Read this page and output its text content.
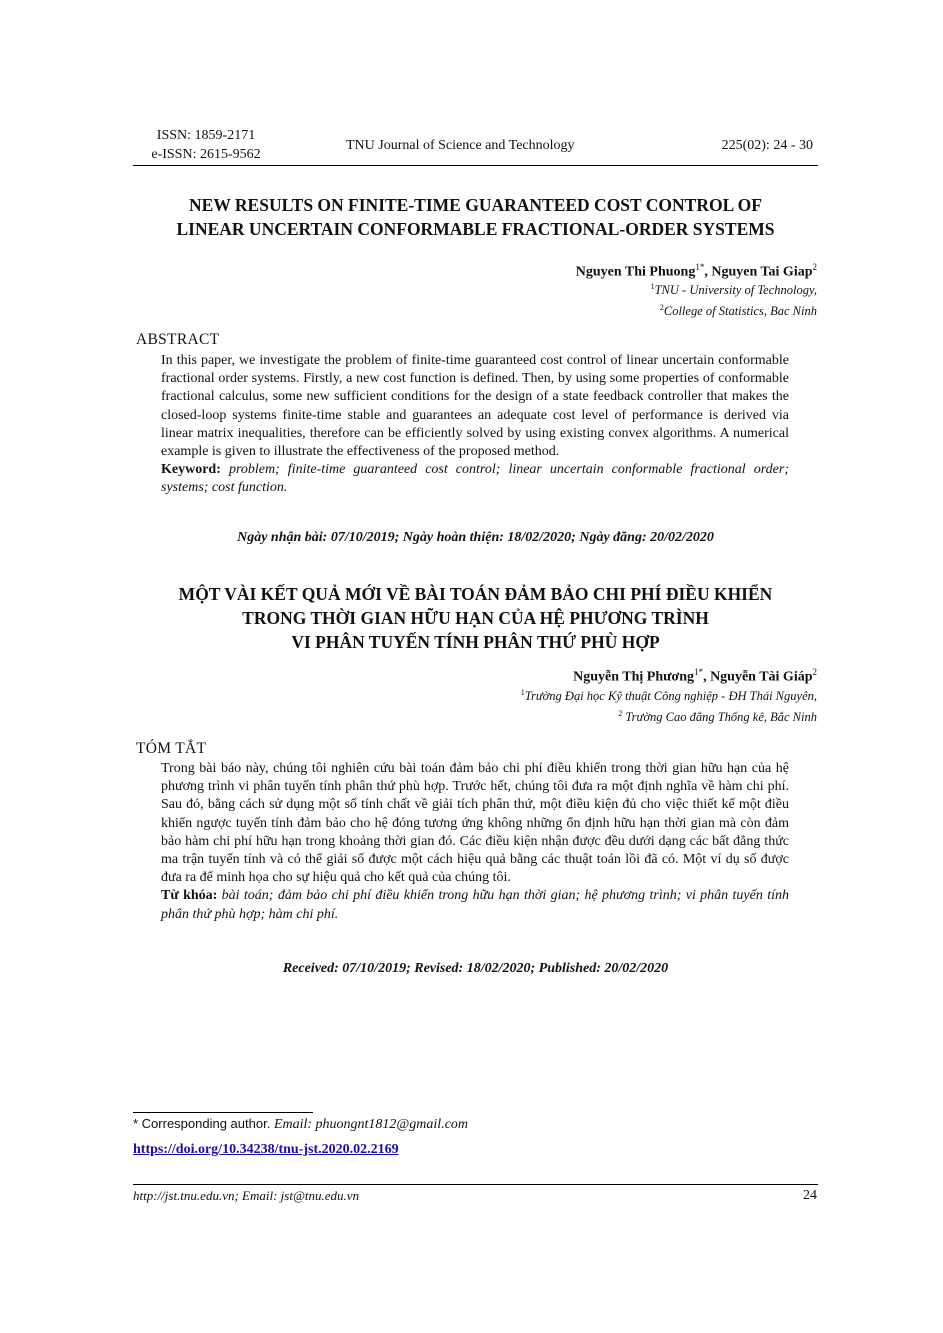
ISSN: 1859-2171
e-ISSN: 2615-9562
TNU Journal of Science and Technology	225(02): 24 - 30
NEW RESULTS ON FINITE-TIME GUARANTEED COST CONTROL OF
LINEAR UNCERTAIN CONFORMABLE FRACTIONAL-ORDER SYSTEMS
Nguyen Thi Phuong$^{1*}$, Nguyen Tai Giap$^2$
$^1$TNU - University of Technology,
$^2$College of Statistics, Bac Ninh
ABSTRACT
In this paper, we investigate the problem of finite-time guaranteed cost control of linear uncertain conformable fractional order systems. Firstly, a new cost function is defined. Then, by using some properties of conformable fractional calculus, some new sufficient conditions for the design of a state feedback controller that makes the closed-loop systems finite-time stable and guarantees an adequate cost level of performance is derived via linear matrix inequalities, therefore can be efficiently solved by using existing convex algorithms. A numerical example is given to illustrate the effectiveness of the proposed method.
Keyword: problem; finite-time guaranteed cost control; linear uncertain conformable fractional order; systems; cost function.
Ngày nhận bài: 07/10/2019; Ngày hoàn thiện: 18/02/2020; Ngày đăng: 20/02/2020
MỘT VÀI KẾT QUẢ MỚI VỀ BÀI TOÁN ĐẢM BẢO CHI PHÍ ĐIỀU KHIỂN
TRONG THỜI GIAN HỮU HẠN CỦA HỆ PHƯƠNG TRÌNH
VI PHÂN TUYẾN TÍNH PHÂN THỨ PHÙ HỢP
Nguyễn Thị Phương$^{1*}$, Nguyễn Tài Giáp$^2$
$^1$Trường Đại học Kỹ thuật Công nghiệp - ĐH Thái Nguyên,
$^2$ Trường Cao đẳng Thống kê, Bắc Ninh
TÓM TẮT
Trong bài báo này, chúng tôi nghiên cứu bài toán đảm bảo chi phí điều khiển trong thời gian hữu hạn của hệ phương trình vi phân tuyến tính phân thứ phù hợp. Trước hết, chúng tôi đưa ra một định nghĩa về hàm chi phí. Sau đó, bằng cách sử dụng một số tính chất về giải tích phân thứ, một điều kiện đủ cho việc thiết kế một điều khiển ngược tuyến tính đảm bảo cho hệ đóng tương ứng không những ổn định hữu hạn thời gian mà còn đảm bảo hàm chi phí hữu hạn trong khoảng thời gian đó. Các điều kiện nhận được đều dưới dạng các bất đẳng thức ma trận tuyến tính và có thể giải số được một cách hiệu quả bằng các thuật toán lồi đã có. Một ví dụ số được đưa ra để minh họa cho sự hiệu quả cho kết quả của chúng tôi.
Từ khóa: bài toán; đảm bảo chi phí điều khiển trong hữu hạn thời gian; hệ phương trình; vi phân tuyến tính phân thứ phù hợp; hàm chi phí.
Received: 07/10/2019; Revised: 18/02/2020; Published: 20/02/2020
* Corresponding author. Email: phuongnt1812@gmail.com
https://doi.org/10.34238/tnu-jst.2020.02.2169
http://jst.tnu.edu.vn; Email: jst@tnu.edu.vn	24
